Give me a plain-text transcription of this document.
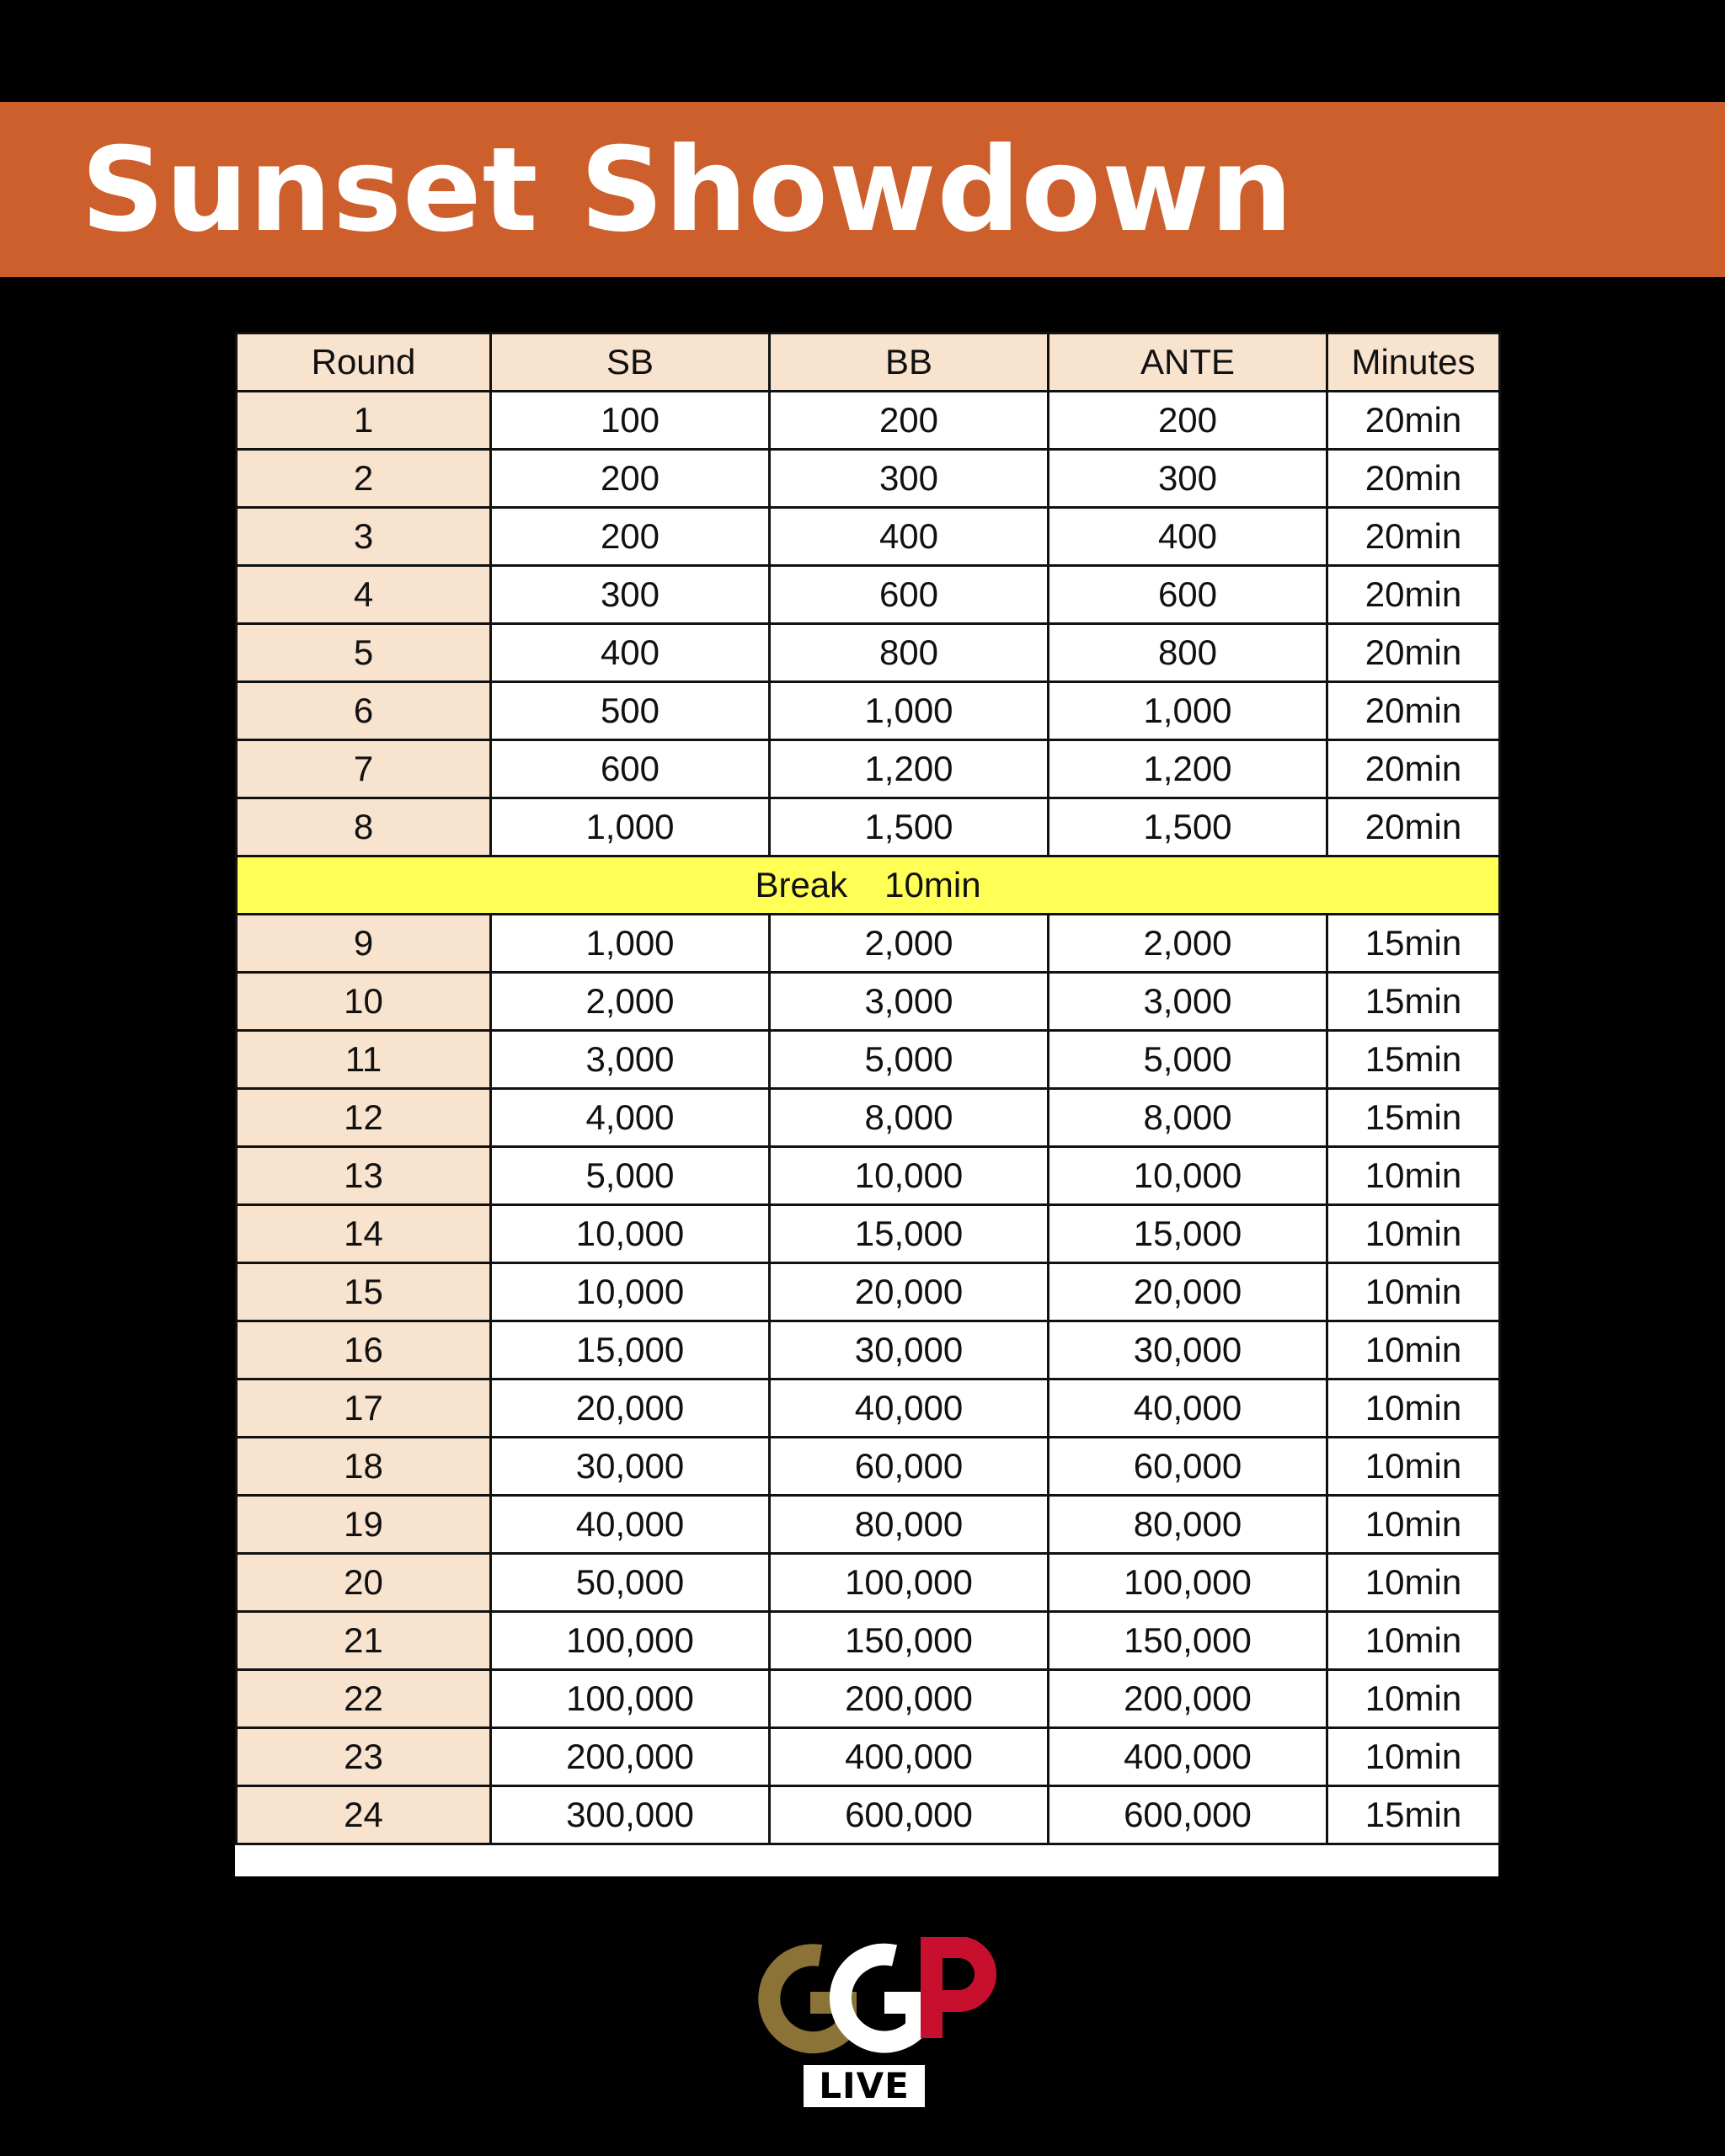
Sunset Showdown
Round	SB	BB	ANTE	Minutes
1	100	200	200	20min
2	200	300	300	20min
3	200	400	400	20min
4	300	600	600	20min
5	400	800	800	20min
6	500	1,000	1,000	20min
7	600	1,200	1,200	20min
8	1,000	1,500	1,500	20min
Break 10min				
9	1,000	2,000	2,000	15min
10	2,000	3,000	3,000	15min
11	3,000	5,000	5,000	15min
12	4,000	8,000	8,000	15min
13	5,000	10,000	10,000	10min
14	10,000	15,000	15,000	10min
15	10,000	20,000	20,000	10min
16	15,000	30,000	30,000	10min
17	20,000	40,000	40,000	10min
18	30,000	60,000	60,000	10min
19	40,000	80,000	80,000	10min
20	50,000	100,000	100,000	10min
21	100,000	150,000	150,000	10min
22	100,000	200,000	200,000	10min
23	200,000	400,000	400,000	10min
24	300,000	600,000	600,000	15min
LIVE
